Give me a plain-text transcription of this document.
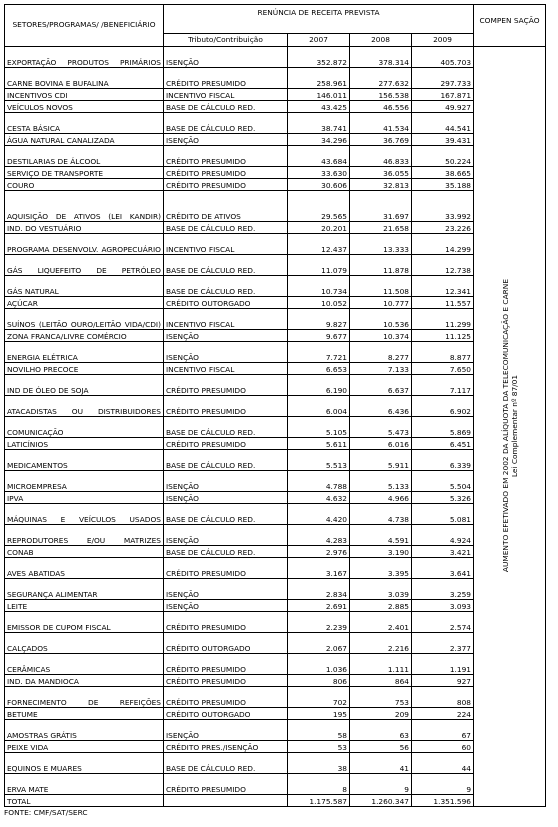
SETORES/PROGRAMAS/ /BENEFICIÁRIO	RENÚNCIA DE RECEITA PREVISTA				COMPEN SAÇÃO
	Tributo/Contribuição	2007	2008	2009	
EXPORTAÇÃO PRODUTOS PRIMÁRIOS	ISENÇÃO	352.872	378.314	405.703	AUMENTO EFETIVADO EM 2002 DA ALÍQUOTA DA TELECOMUNICAÇÃO E CARNE
Lei Complementar nº 87/01
CARNE BOVINA E BUFALINA	CRÉDITO PRESUMIDO	258.961	277.632	297.733	
INCENTIVOS CDI	INCENTIVO FISCAL	146.011	156.538	167.871	
VEÍCULOS NOVOS	BASE DE CÁLCULO RED.	43.425	46.556	49.927	
CESTA BÁSICA	BASE DE CÁLCULO RED.	38.741	41.534	44.541	
ÁGUA NATURAL CANALIZADA	ISENÇÃO	34.296	36.769	39.431	
DESTILARIAS DE ÁLCOOL	CRÉDITO PRESUMIDO	43.684	46.833	50.224	
SERVIÇO DE TRANSPORTE	CRÉDITO PRESUMIDO	33.630	36.055	38.665	
COURO	CRÉDITO PRESUMIDO	30.606	32.813	35.188	
AQUISIÇÃO DE ATIVOS (LEI KANDIR)	CRÉDITO DE ATIVOS	29.565	31.697	33.992	
IND. DO VESTUÁRIO	BASE DE CÁLCULO RED.	20.201	21.658	23.226	
PROGRAMA DESENVOLV. AGROPECUÁRIO	INCENTIVO FISCAL	12.437	13.333	14.299	
GÁS LIQUEFEITO DE PETRÓLEO	BASE DE CÁLCULO RED.	11.079	11.878	12.738	
GÁS NATURAL	BASE DE CÁLCULO RED.	10.734	11.508	12.341	
AÇÚCAR	CRÉDITO OUTORGADO	10.052	10.777	11.557	
SUÍNOS (LEITÃO OURO/LEITÃO VIDA/CDI)	INCENTIVO FISCAL	9.827	10.536	11.299	
ZONA FRANCA/LIVRE COMÉRCIO	ISENÇÃO	9.677	10.374	11.125	
ENERGIA ELÉTRICA	ISENÇÃO	7.721	8.277	8.877	
NOVILHO PRECOCE	INCENTIVO FISCAL	6.653	7.133	7.650	
IND DE ÓLEO DE SOJA	CRÉDITO PRESUMIDO	6.190	6.637	7.117	
ATACADISTAS OU DISTRIBUIDORES	CRÉDITO PRESUMIDO	6.004	6.436	6.902	
COMUNICAÇÃO	BASE DE CÁLCULO RED.	5.105	5.473	5.869	
LATICÍNIOS	CRÉDITO PRESUMIDO	5.611	6.016	6.451	
MEDICAMENTOS	BASE DE CÁLCULO RED.	5.513	5.911	6.339	
MICROEMPRESA	ISENÇÃO	4.788	5.133	5.504	
IPVA	ISENÇÃO	4.632	4.966	5.326	
MÁQUINAS E VEÍCULOS USADOS	BASE DE CÁLCULO RED.	4.420	4.738	5.081	
REPRODUTORES E/OU MATRIZES	ISENÇÃO	4.283	4.591	4.924	
CONAB	BASE DE CÁLCULO RED.	2.976	3.190	3.421	
AVES ABATIDAS	CRÉDITO PRESUMIDO	3.167	3.395	3.641	
SEGURANÇA ALIMENTAR	ISENÇÃO	2.834	3.039	3.259	
LEITE	ISENÇÃO	2.691	2.885	3.093	
EMISSOR DE CUPOM FISCAL	CRÉDITO PRESUMIDO	2.239	2.401	2.574	
CALÇADOS	CRÉDITO OUTORGADO	2.067	2.216	2.377	
CERÂMICAS	CRÉDITO PRESUMIDO	1.036	1.111	1.191	
IND. DA MANDIOCA	CRÉDITO PRESUMIDO	806	864	927	
FORNECIMENTO DE REFEIÇÕES	CRÉDITO PRESUMIDO	702	753	808	
BETUME	CRÉDITO OUTORGADO	195	209	224	
AMOSTRAS GRÁTIS	ISENÇÃO	58	63	67	
PEIXE VIDA	CRÉDITO PRES./ISENÇÃO	53	56	60	
EQUINOS E MUARES	BASE DE CÁLCULO RED.	38	41	44	
ERVA MATE	CRÉDITO PRESUMIDO	8	9	9	
TOTAL		1.175.587	1.260.347	1.351.596	
FONTE: CMF/SAT/SERC
